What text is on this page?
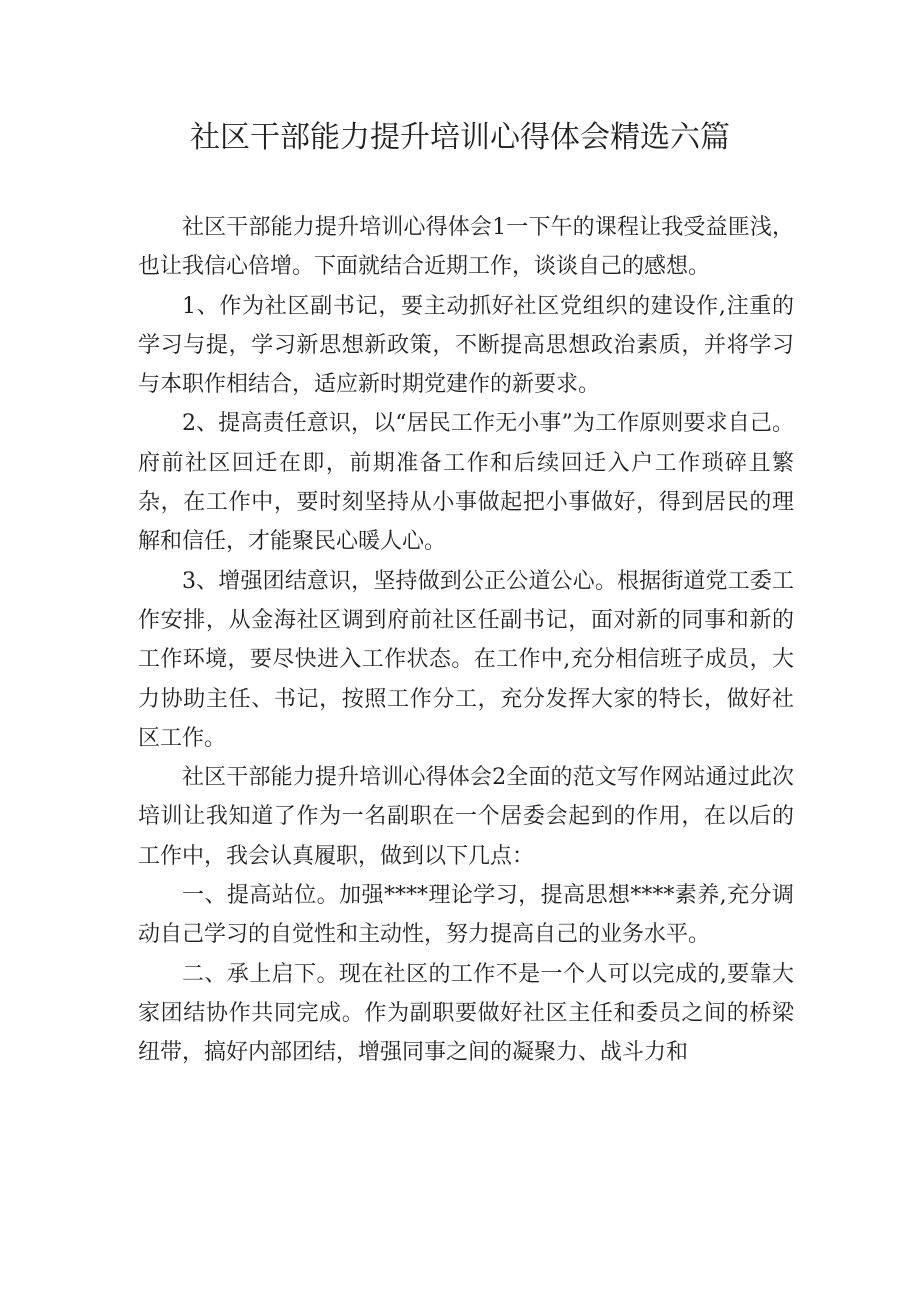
社区干部能力提升培训心得体会精选六篇

社区干部能力提升培训心得体会1一下午的课程让我受益匪浅，也让我信心倍增。下面就结合近期工作，谈谈自己的感想。

1、作为社区副书记，要主动抓好社区党组织的建设作,注重的学习与提，学习新思想新政策，不断提高思想政治素质，并将学习与本职作相结合，适应新时期党建作的新要求。

2、提高责任意识，以“居民工作无小事”为工作原则要求自己。府前社区回迁在即，前期准备工作和后续回迁入户工作琐碎且繁杂，在工作中，要时刻坚持从小事做起把小事做好，得到居民的理解和信任，才能聚民心暖人心。

3、增强团结意识，坚持做到公正公道公心。根据街道党工委工作安排，从金海社区调到府前社区任副书记，面对新的同事和新的工作环境，要尽快进入工作状态。在工作中,充分相信班子成员，大力协助主任、书记，按照工作分工，充分发挥大家的特长，做好社区工作。

社区干部能力提升培训心得体会2全面的范文写作网站通过此次培训让我知道了作为一名副职在一个居委会起到的作用，在以后的工作中，我会认真履职，做到以下几点：

一、提高站位。加强****理论学习，提高思想****素养,充分调动自己学习的自觉性和主动性，努力提高自己的业务水平。

二、承上启下。现在社区的工作不是一个人可以完成的,要靠大家团结协作共同完成。作为副职要做好社区主任和委员之间的桥梁纽带，搞好内部团结，增强同事之间的凝聚力、战斗力和
